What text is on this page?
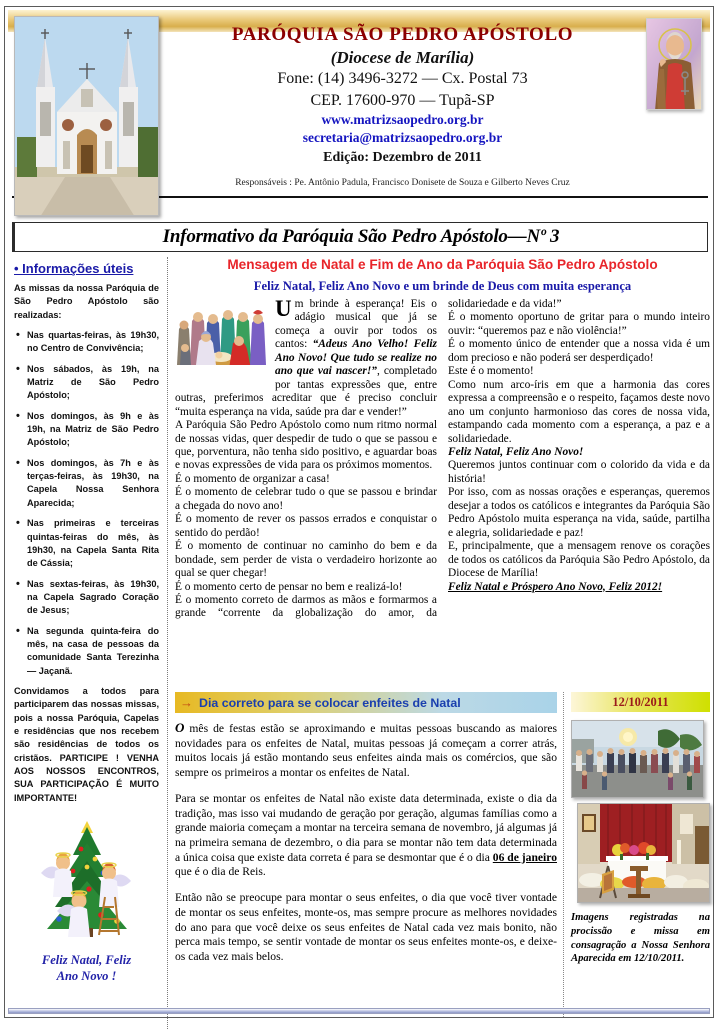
PARÓQUIA SÃO PEDRO APÓSTOLO
(Diocese de Marília)
Fone: (14) 3496-3272 — Cx. Postal 73
CEP. 17600-970 — Tupã-SP
www.matrizsaopedro.org.br
secretaria@matrizsaopedro.org.br
Edição: Dezembro de 2011
Responsáveis : Pe. Antônio Padula, Francisco Donisete de Souza e Gilberto Neves Cruz
Informativo da Paróquia São Pedro Apóstolo—Nº 3
• Informações úteis

As missas da nossa Paróquia de São Pedro Apóstolo são realizadas:

• Nas quartas-feiras, às 19h30, no Centro de Convivência;
• Nos sábados, às 19h, na Matriz de São Pedro Apóstolo;
• Nos domingos, às 9h e às 19h, na Matriz de São Pedro Apóstolo;
• Nos domingos, às 7h e às terças-feiras, às 19h30, na Capela Nossa Senhora Aparecida;
• Nas primeiras e terceiras quintas-feiras do mês, às 19h30, na Capela Santa Rita de Cássia;
• Nas sextas-feiras, às 19h30, na Capela Sagrado Coração de Jesus;
• Na segunda quinta-feira do mês, na casa de pessoas da comunidade Santa Terezinha — Jaçanã.

Convidamos a todos para participarem das nossas missas, pois a nossa Paróquia, Capelas e residências que nos recebem são residências de todos os cristãos. PARTICIPE ! VENHA AOS NOSSOS ENCONTROS, SUA PARTICIPAÇÃO É MUITO IMPORTANTE!

Feliz Natal, Feliz
Ano Novo !
Mensagem de Natal e Fim de Ano da Paróquia São Pedro Apóstolo
Feliz Natal, Feliz Ano Novo e um brinde de Deus com muita esperança

Um brinde à esperança! Eis o adágio musical que já se começa a ouvir por todos os cantos: “Adeus Ano Velho! Feliz Ano Novo! Que tudo se realize no ano que vai nascer!”, completado por tantas expressões que, entre outras, preferimos acreditar que é preciso concluir “muita esperança na vida, saúde pra dar e vender!”

A Paróquia São Pedro Apóstolo como num ritmo normal de nossas vidas, quer despedir de tudo o que se passou e que, porventura, não tenha sido positivo, e aguardar boas e novas expressões de vida para os próximos momentos.

É o momento de organizar a casa!

É o momento de celebrar tudo o que se passou e brindar a chegada do novo ano!

É o momento de rever os passos errados e conquistar o sentido do perdão!

É o momento de continuar no caminho do bem e da bondade, sem perder de vista o verdadeiro horizonte ao qual se quer chegar!

É o momento certo de pensar no bem e realizá-lo!

É o momento correto de darmos as mãos e formarmos a grande “corrente da globalização do amor, da solidariedade e da vida!”

É o momento oportuno de gritar para o mundo inteiro ouvir: “queremos paz e não violência!”

É o momento único de entender que a nossa vida é um dom precioso e não poderá ser desperdiçado!

Este é o momento!

Como num arco-íris em que a harmonia das cores expressa a compreensão e o respeito, façamos deste novo ano um conjunto harmonioso das cores de nossa vida, estampando cada momento com a esperança, a paz e a solidariedade.

Feliz Natal, Feliz Ano Novo!

Queremos juntos continuar com o colorido da vida e da história!

Por isso, com as nossas orações e esperanças, queremos desejar a todos os católicos e integrantes da Paróquia São Pedro Apóstolo muita esperança na vida, saúde, partilha e alegria, solidariedade e paz!

E, principalmente, que a mensagem renove os corações de todos os católicos da Paróquia São Pedro Apóstolo, da Diocese de Marília!

Feliz Natal e Próspero Ano Novo, Feliz 2012!

→ Dia correto para se colocar enfeites de Natal

O mês de festas estão se aproximando e muitas pessoas buscando as maiores novidades para os enfeites de Natal, muitas pessoas já começam a correr atrás, muitos locais já estão montando seus enfeites ainda mais os comércios, que são sempre os primeiros a montar os enfeites de Natal.

Para se montar os enfeites de Natal não existe data determinada, existe o dia da tradição, mas isso vai mudando de geração por geração, algumas famílias como a grande maioria começam a montar na terceira semana de novembro, já algumas já na primeira semana de dezembro, o dia para se montar não tem data determinada a única coisa que existe data correta é para se desmontar que é o dia 06 de janeiro que é o dia de Reis.

Então não se preocupe para montar o seus enfeites, o dia que você tiver vontade de montar os seus enfeites, monte-os, mas sempre procure as melhores novidades do ano para que você deixe os seus enfeites de Natal cada vez mais bonito, não perca mais tempo, se sentir vontade de montar os seus enfeites monte-os, e deixe-os cada vez mais belos.

12/10/2011
Imagens registradas na procissão e missa em consagração a Nossa Senhora Aparecida em 12/10/2011.
